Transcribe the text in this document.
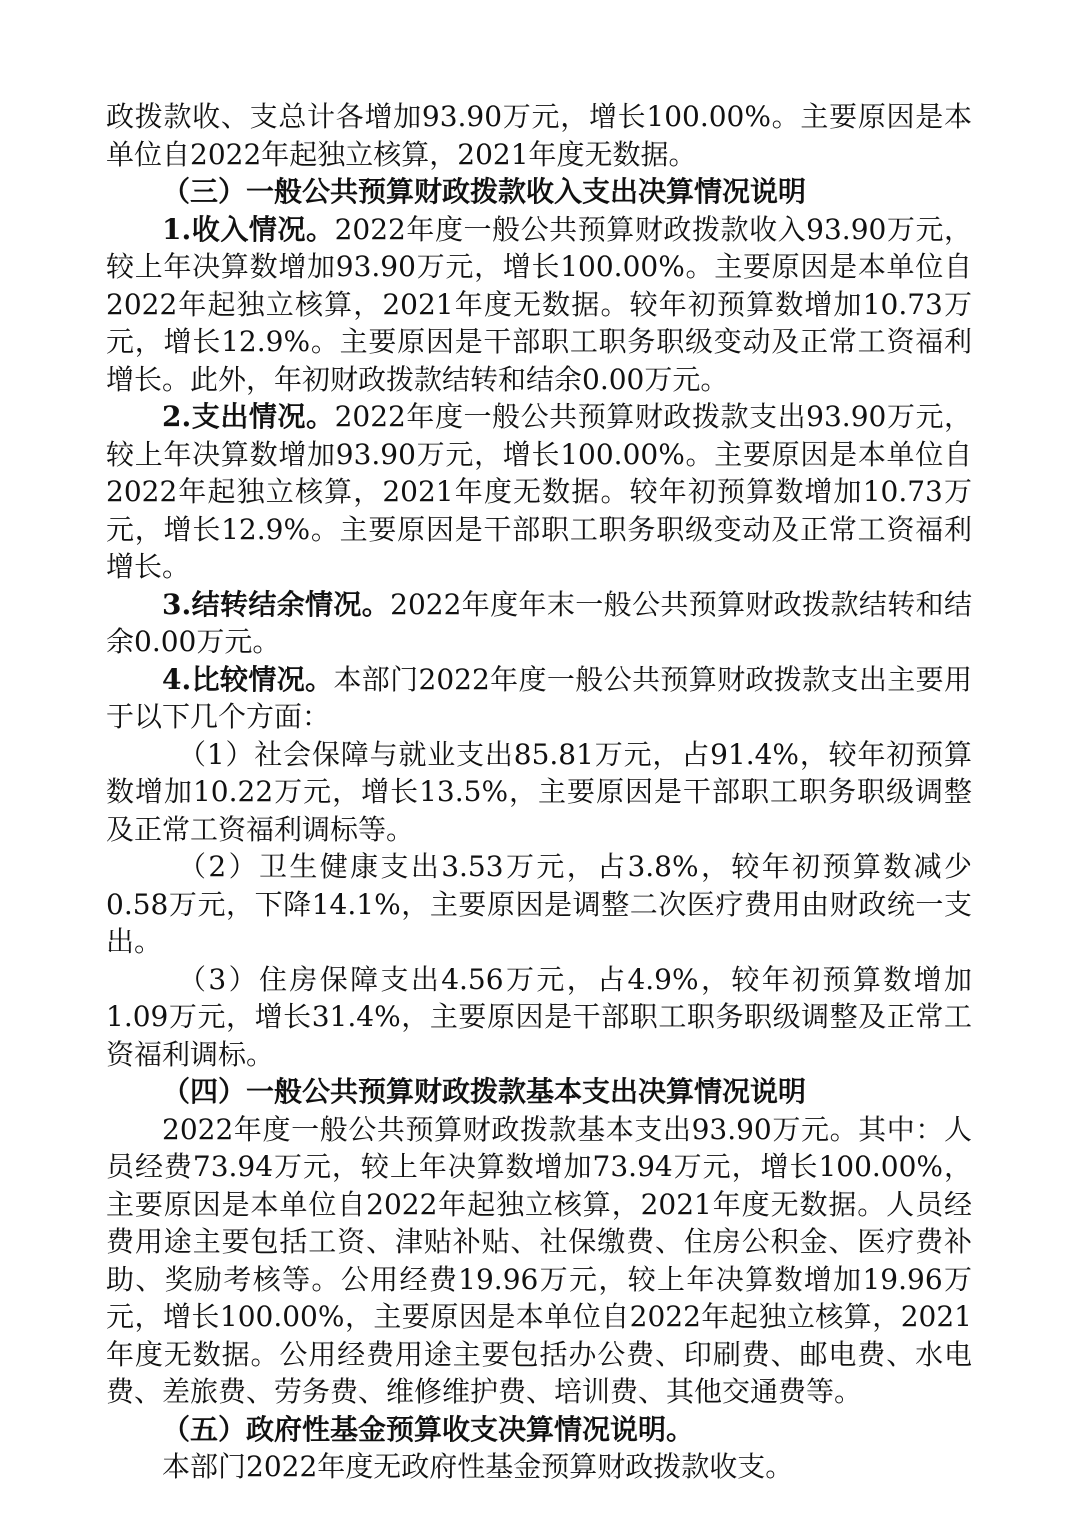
政拨款收、支总计各增加93.90万元，增长100.00%。主要原因是本单位自2022年起独立核算，2021年度无数据。

（三）一般公共预算财政拨款收入支出决算情况说明

1.收入情况。2022年度一般公共预算财政拨款收入93.90万元，较上年决算数增加93.90万元，增长100.00%。主要原因是本单位自2022年起独立核算，2021年度无数据。较年初预算数增加10.73万元，增长12.9%。主要原因是干部职工职务职级变动及正常工资福利增长。此外，年初财政拨款结转和结余0.00万元。

2.支出情况。2022年度一般公共预算财政拨款支出93.90万元，较上年决算数增加93.90万元，增长100.00%。主要原因是本单位自2022年起独立核算，2021年度无数据。较年初预算数增加10.73万元，增长12.9%。主要原因是干部职工职务职级变动及正常工资福利增长。

3.结转结余情况。2022年度年末一般公共预算财政拨款结转和结余0.00万元。

4.比较情况。本部门2022年度一般公共预算财政拨款支出主要用于以下几个方面：

（1）社会保障与就业支出85.81万元，占91.4%，较年初预算数增加10.22万元，增长13.5%，主要原因是干部职工职务职级调整及正常工资福利调标等。

（2）卫生健康支出3.53万元，占3.8%，较年初预算数减少0.58万元，下降14.1%，主要原因是调整二次医疗费用由财政统一支出。

（3）住房保障支出4.56万元，占4.9%，较年初预算数增加1.09万元，增长31.4%，主要原因是干部职工职务职级调整及正常工资福利调标。

（四）一般公共预算财政拨款基本支出决算情况说明

2022年度一般公共预算财政拨款基本支出93.90万元。其中：人员经费73.94万元，较上年决算数增加73.94万元，增长100.00%，主要原因是本单位自2022年起独立核算，2021年度无数据。人员经费用途主要包括工资、津贴补贴、社保缴费、住房公积金、医疗费补助、奖励考核等。公用经费19.96万元，较上年决算数增加19.96万元，增长100.00%，主要原因是本单位自2022年起独立核算，2021年度无数据。公用经费用途主要包括办公费、印刷费、邮电费、水电费、差旅费、劳务费、维修维护费、培训费、其他交通费等。

（五）政府性基金预算收支决算情况说明。

本部门2022年度无政府性基金预算财政拨款收支。
